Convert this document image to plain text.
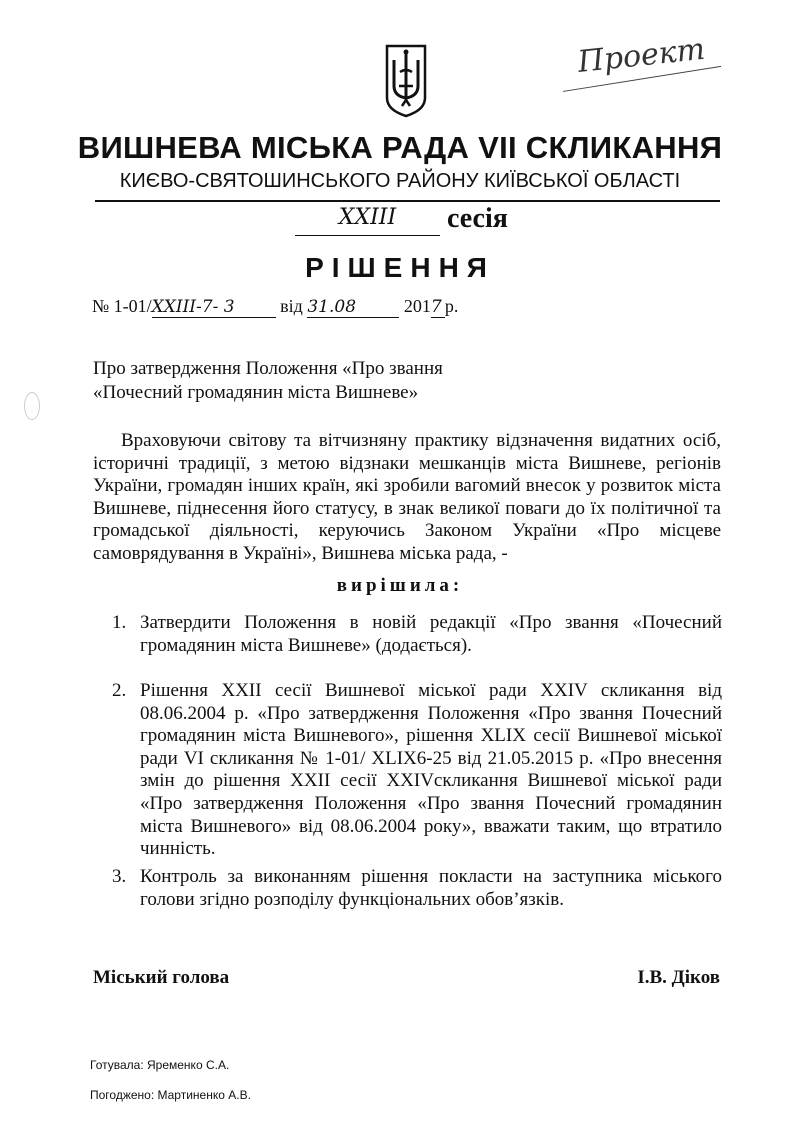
Проект
ВИШНЕВА МІСЬКА РАДА VII СКЛИКАННЯ
КИЄВО-СВЯТОШИНСЬКОГО РАЙОНУ КИЇВСЬКОЇ ОБЛАСТІ
XXIII	сесія
РІШЕННЯ
№ 1-01/XXIII-7- 3	від 31.08	2017 р.
Про затвердження Положення «Про звання
«Почесний громадянин міста Вишневе»
Враховуючи світову та вітчизняну практику відзначення видатних осіб, історичні традиції, з метою відзнаки мешканців міста Вишневе, регіонів України, громадян інших країн, які зробили вагомий внесок у розвиток міста Вишневе, піднесення його статусу, в знак великої поваги до їх політичної та громадської діяльності, керуючись Законом України «Про місцеве самоврядування в Україні», Вишнева міська рада, -
вирішила:
1. Затвердити Положення в новій редакції «Про звання «Почесний громадянин міста Вишневе» (додається).
2. Рішення XXII сесії Вишневої міської ради XXIV скликання від 08.06.2004 р. «Про затвердження Положення «Про звання Почесний громадянин міста Вишневого», рішення XLIX сесії Вишневої міської ради VI скликання № 1-01/ XLIX6-25 від 21.05.2015 р. «Про внесення змін до рішення XXII сесії XXIVскликання Вишневої міської ради «Про затвердження Положення «Про звання Почесний громадянин міста Вишневого» від 08.06.2004 року», вважати таким, що втратило чинність.
3. Контроль за виконанням рішення покласти на заступника міського голови згідно розподілу функціональних обов’язків.
Міський голова	І.В. Діков
Готувала: Яременко С.А.
Погоджено: Мартиненко А.В.
